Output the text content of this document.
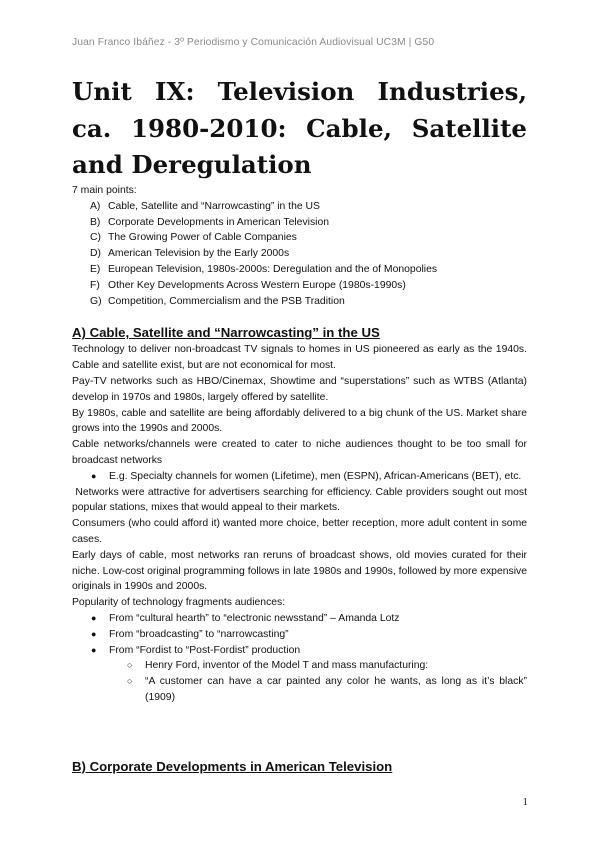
Juan Franco Ibáñez - 3º Periodismo y Comunicación Audiovisual UC3M | G50
Unit IX: Television Industries, ca. 1980-2010: Cable, Satellite and Deregulation

7 main points:

A) Cable, Satellite and “Narrowcasting” in the US
B) Corporate Developments in American Television
C) The Growing Power of Cable Companies
D) American Television by the Early 2000s
E) European Television, 1980s-2000s: Deregulation and the of Monopolies
F) Other Key Developments Across Western Europe (1980s-1990s)
G) Competition, Commercialism and the PSB Tradition
A) Cable, Satellite and “Narrowcasting” in the US

Technology to deliver non-broadcast TV signals to homes in US pioneered as early as the 1940s. Cable and satellite exist, but are not economical for most.

Pay-TV networks such as HBO/Cinemax, Showtime and “superstations” such as WTBS (Atlanta) develop in 1970s and 1980s, largely offered by satellite.

By 1980s, cable and satellite are being affordably delivered to a big chunk of the US. Market share grows into the 1990s and 2000s.

Cable networks/channels were created to cater to niche audiences thought to be too small for broadcast networks

● E.g. Specialty channels for women (Lifetime), men (ESPN), African-Americans (BET), etc.

Networks were attractive for advertisers searching for efficiency. Cable providers sought out most popular stations, mixes that would appeal to their markets.

Consumers (who could afford it) wanted more choice, better reception, more adult content in some cases.

Early days of cable, most networks ran reruns of broadcast shows, old movies curated for their niche. Low-cost original programming follows in late 1980s and 1990s, followed by more expensive originals in 1990s and 2000s.

Popularity of technology fragments audiences:

● From “cultural hearth” to “electronic newsstand” – Amanda Lotz
● From “broadcasting” to “narrowcasting”
● From “Fordist to “Post-Fordist” production
○ Henry Ford, inventor of the Model T and mass manufacturing:
○ “A customer can have a car painted any color he wants, as long as it’s black” (1909)
B) Corporate Developments in American Television
1
